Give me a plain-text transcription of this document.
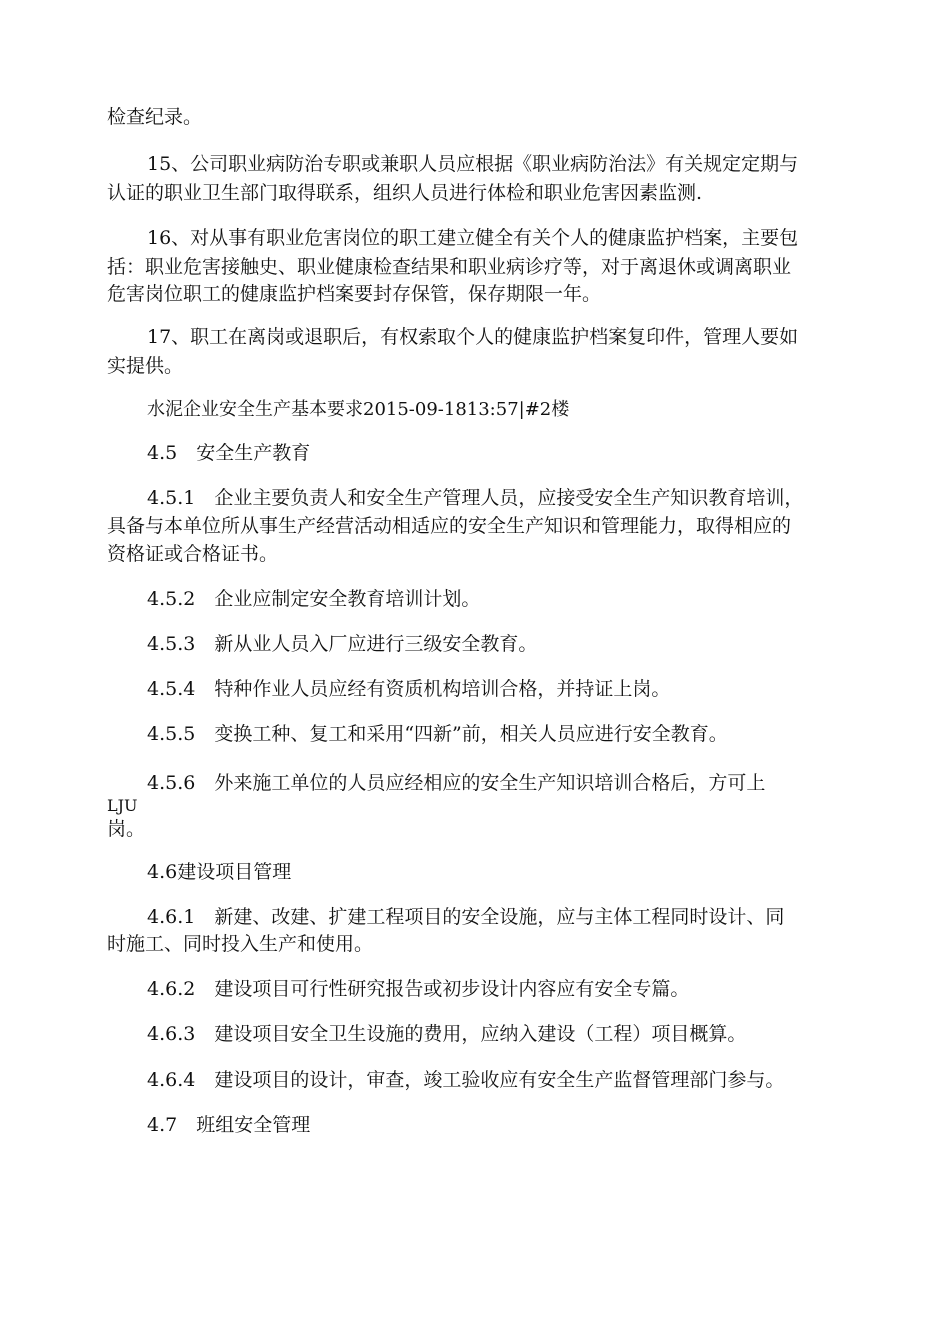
检查纪录。
15、公司职业病防治专职或兼职人员应根据《职业病防治法》有关规定定期与
认证的职业卫生部门取得联系，组织人员进行体检和职业危害因素监测.
16、对从事有职业危害岗位的职工建立健全有关个人的健康监护档案，主要包
括：职业危害接触史、职业健康检查结果和职业病诊疗等，对于离退休或调离职业
危害岗位职工的健康监护档案要封存保管，保存期限一年。
17、职工在离岗或退职后，有权索取个人的健康监护档案复印件，管理人要如
实提供。
水泥企业安全生产基本要求2015-09-1813:57|#2楼
4.5　安全生产教育
4.5.1　企业主要负责人和安全生产管理人员，应接受安全生产知识教育培训，
具备与本单位所从事生产经营活动相适应的安全生产知识和管理能力，取得相应的
资格证或合格证书。
4.5.2　企业应制定安全教育培训计划。
4.5.3　新从业人员入厂应进行三级安全教育。
4.5.4　特种作业人员应经有资质机构培训合格，并持证上岗。
4.5.5　变换工种、复工和采用“四新”前，相关人员应进行安全教育。
4.5.6　外来施工单位的人员应经相应的安全生产知识培训合格后，方可上
LJU
岗。
4.6建设项目管理
4.6.1　新建、改建、扩建工程项目的安全设施，应与主体工程同时设计、同
时施工、同时投入生产和使用。
4.6.2　建设项目可行性研究报告或初步设计内容应有安全专篇。
4.6.3　建设项目安全卫生设施的费用，应纳入建设（工程）项目概算。
4.6.4　建设项目的设计，审查，竣工验收应有安全生产监督管理部门参与。
4.7　班组安全管理
